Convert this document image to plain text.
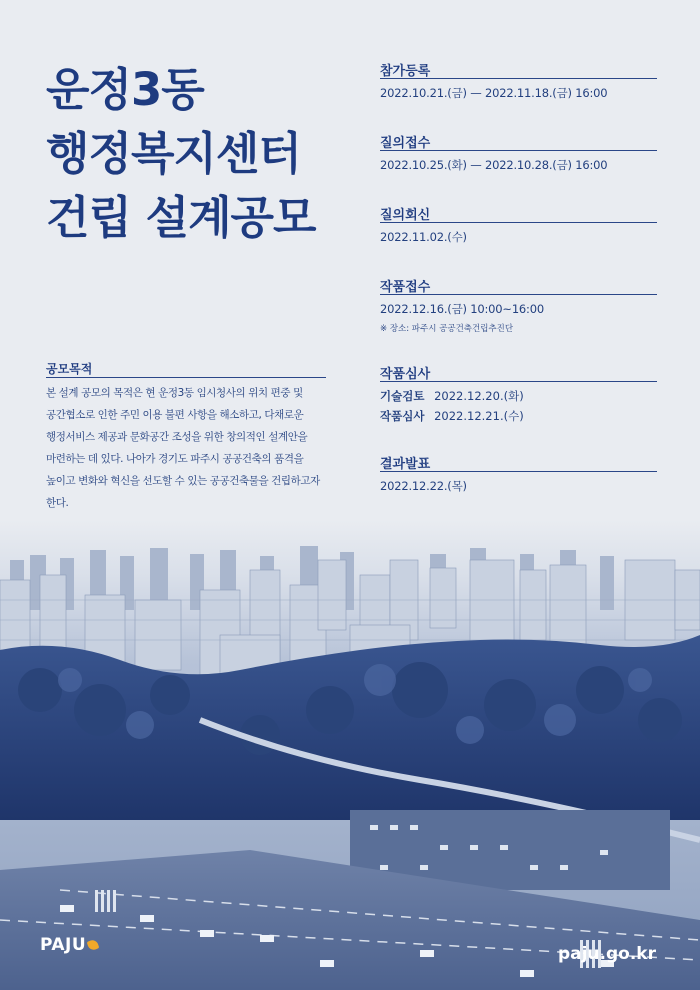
운정3동
행정복지센터
건립 설계공모
참가등록
2022.10.21.(금) — 2022.11.18.(금) 16:00
질의접수
2022.10.25.(화) — 2022.10.28.(금) 16:00
질의회신
2022.11.02.(수)
작품접수
2022.12.16.(금) 10:00~16:00
※ 장소: 파주시 공공건축건립추진단
작품심사
기술검토 2022.12.20.(화)
작품심사 2022.12.21.(수)
결과발표
2022.12.22.(목)
공모목적
본 설계 공모의 목적은 현 운정3동 임시청사의 위치 편중 및 공간협소로 인한 주민 이용 불편 사항을 해소하고, 다채로운 행정서비스 제공과 문화공간 조성을 위한 창의적인 설계안을 마련하는 데 있다. 나아가 경기도 파주시 공공건축의 품격을 높이고 변화와 혁신을 선도할 수 있는 공공건축물을 건립하고자 한다.
PAJU	paju.go.kr
